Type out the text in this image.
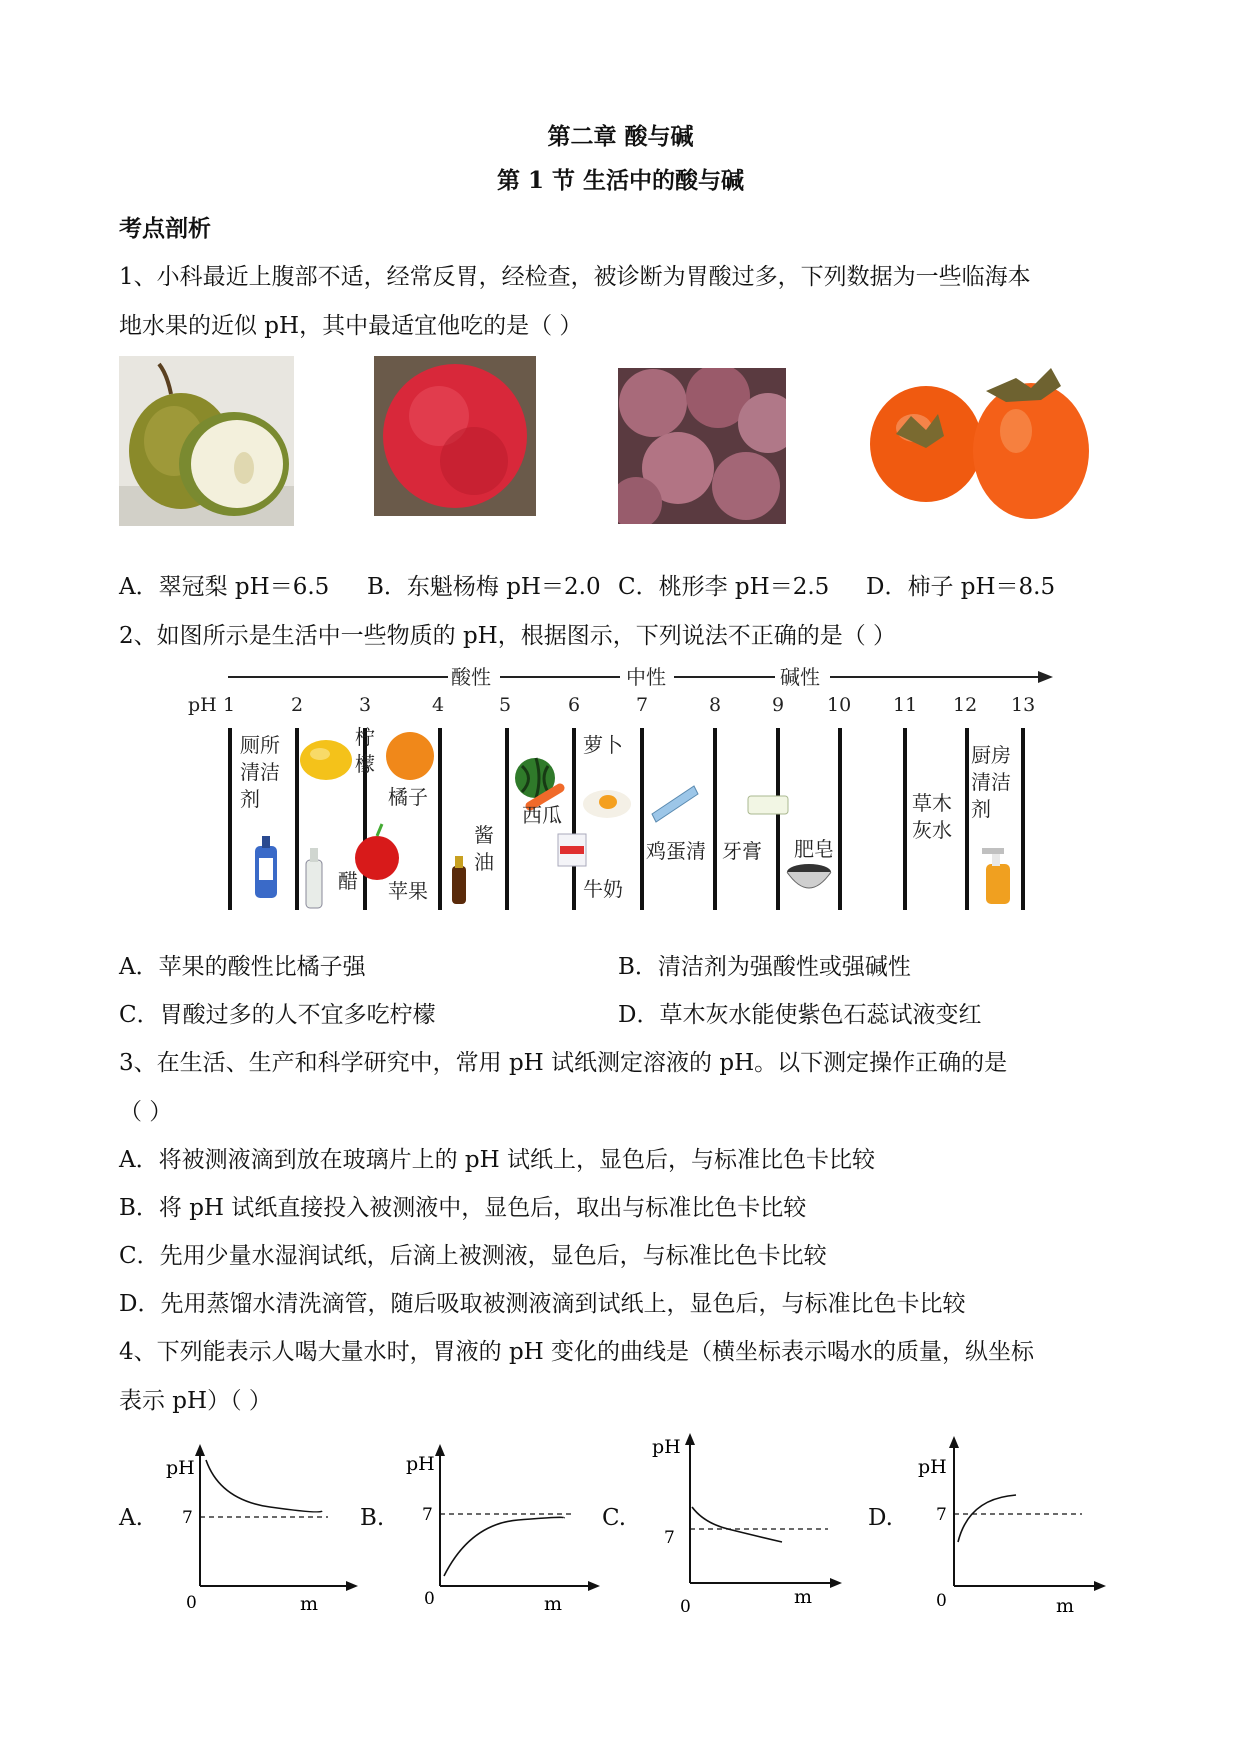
第二章 酸与碱
第 1 节 生活中的酸与碱
考点剖析
1、小科最近上腹部不适，经常反胃，经检查，被诊断为胃酸过多，下列数据为一些临海本
地水果的近似 pH，其中最适宜他吃的是（ ）
A．翠冠梨 pH＝6.5 B．东魁杨梅 pH＝2.0 C．桃形李 pH＝2.5 D．柿子 pH＝8.5
2、如图所示是生活中一些物质的 pH，根据图示，下列说法不正确的是（ ）
酸性	中性	碱性
pH 1	2	3	4	5	6	7	8	9 10 11 12 13
厕所
清洁
剂
柠
檬
橘子
醋 苹果
酱
油
西瓜
萝卜
牛奶
鸡蛋清 牙膏 肥皂
草木
灰水
厨房
清洁
剂
A．苹果的酸性比橘子强	B．清洁剂为强酸性或强碱性
C．胃酸过多的人不宜多吃柠檬	D．草木灰水能使紫色石蕊试液变红
3、在生活、生产和科学研究中，常用 pH 试纸测定溶液的 pH。以下测定操作正确的是
（ ）
A．将被测液滴到放在玻璃片上的 pH 试纸上，显色后，与标准比色卡比较
B．将 pH 试纸直接投入被测液中，显色后，取出与标准比色卡比较
C．先用少量水湿润试纸，后滴上被测液，显色后，与标准比色卡比较
D．先用蒸馏水清洗滴管，随后吸取被测液滴到试纸上，显色后，与标准比色卡比较
4、下列能表示人喝大量水时，胃液的 pH 变化的曲线是（横坐标表示喝水的质量，纵坐标
表示 pH）（ ）
A.
pH
7
0	m
B.
pH
7
0	m
C.
pH
7
0	m
D.
pH
7
0	m
